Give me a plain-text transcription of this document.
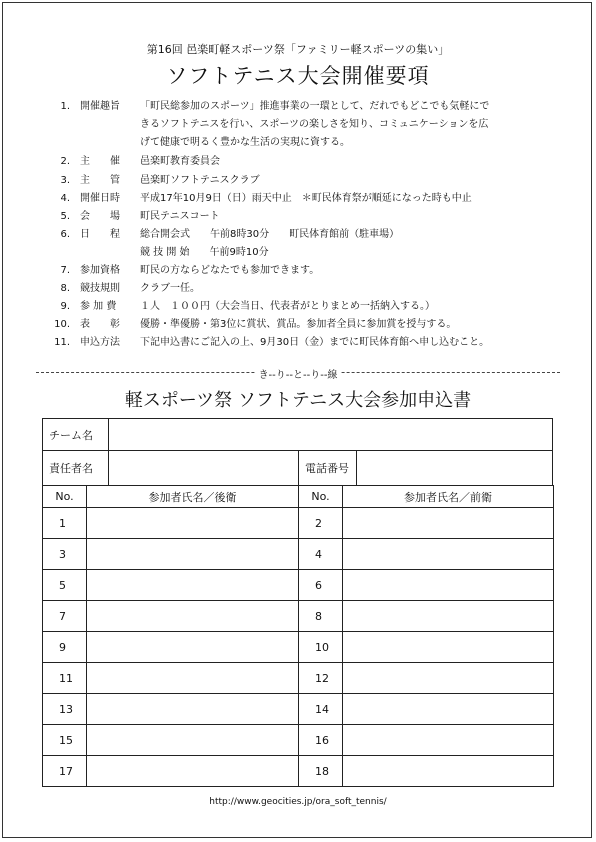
第16回 邑楽町軽スポーツ祭「ファミリー軽スポーツの集い」
ソフトテニス大会開催要項
1. 開催趣旨	「町民総参加のスポーツ」推進事業の一環として、だれでもどこでも気軽にで
きるソフトテニスを行い、スポーツの楽しさを知り、コミュニケーションを広
げて健康で明るく豊かな生活の実現に資する。
2. 主　　催	邑楽町教育委員会
3. 主　　管	邑楽町ソフトテニスクラブ
4. 開催日時	平成17年10月9日（日）雨天中止　＊町民体育祭が順延になった時も中止
5. 会　　場	町民テニスコート
6. 日　　程	総合開会式　　午前8時30分　　町民体育館前（駐車場）
競 技 開 始　　午前9時10分
7. 参加資格	町民の方ならどなたでも参加できます。
8. 競技規則	クラブ一任。
9. 参 加 費	１人　１００円（大会当日、代表者がとりまとめ一括納入する。）
10. 表　　彰	優勝・準優勝・第3位に賞状、賞品。参加者全員に参加賞を授与する。
11. 申込方法	下記申込書にご記入の上、9月30日（金）までに町民体育館へ申し込むこと。
き--り--と--り--線
軽スポーツ祭 ソフトテニス大会参加申込書
チーム名			
責任者名		電話番号	
No.	参加者氏名／後衛	No.	参加者氏名／前衛
1		2	
3		4	
5		6	
7		8	
9		10	
11		12	
13		14	
15		16	
17		18	
http://www.geocities.jp/ora_soft_tennis/
